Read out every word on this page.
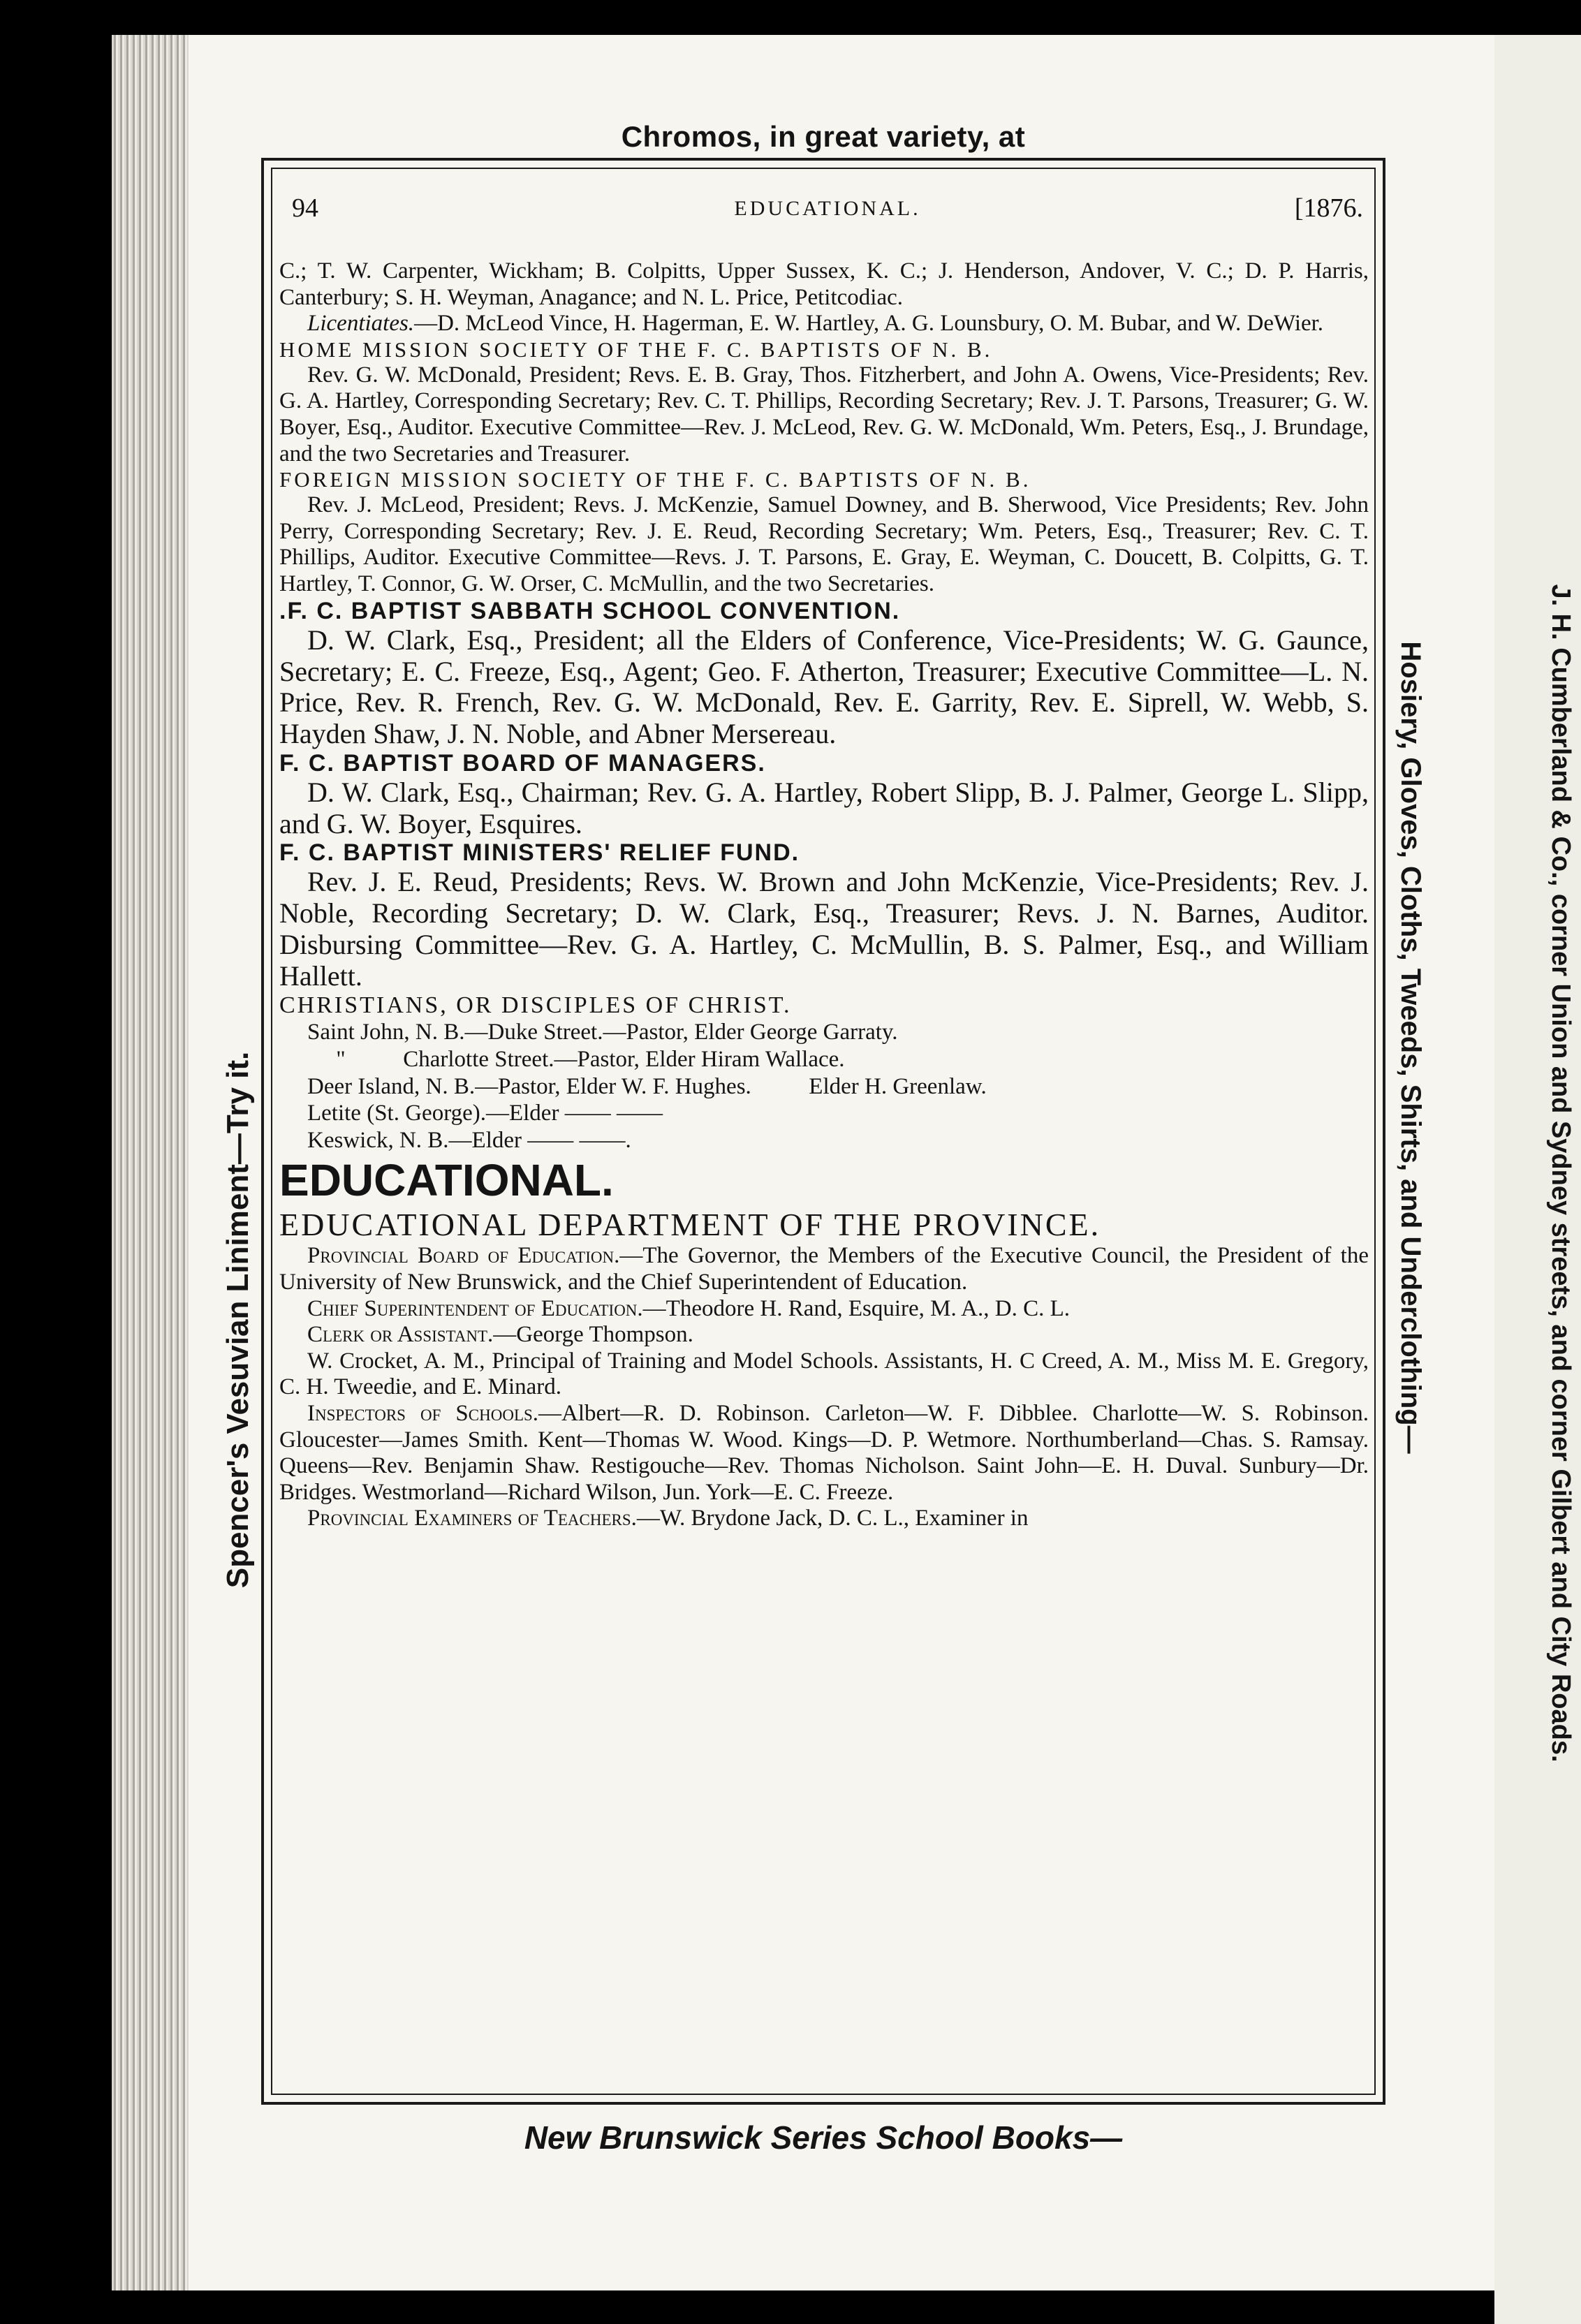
Chromos, in great variety, at
Spencer's Vesuvian Liniment—Try it.	Hosiery, Gloves, Cloths, Tweeds, Shirts, and Underclothing—	J. H. Cumberland & Co., corner Union and Sydney streets, and corner Gilbert and City Roads.
New Brunswick Series School Books—
94	EDUCATIONAL.	[1876.

C.; T. W. Carpenter, Wickham; B. Colpitts, Upper Sussex, K. C.; J. Henderson, Andover, V. C.; D. P. Harris, Canterbury; S. H. Weyman, Anagance; and N. L. Price, Petitcodiac.

Licentiates.—D. McLeod Vince, H. Hagerman, E. W. Hartley, A. G. Lounsbury, O. M. Bubar, and W. DeWier.

HOME MISSION SOCIETY OF THE F. C. BAPTISTS OF N. B.

Rev. G. W. McDonald, President; Revs. E. B. Gray, Thos. Fitzherbert, and John A. Owens, Vice-Presidents; Rev. G. A. Hartley, Corresponding Secretary; Rev. C. T. Phillips, Recording Secretary; Rev. J. T. Parsons, Treasurer; G. W. Boyer, Esq., Auditor. Executive Committee—Rev. J. McLeod, Rev. G. W. McDonald, Wm. Peters, Esq., J. Brundage, and the two Secretaries and Treasurer.

FOREIGN MISSION SOCIETY OF THE F. C. BAPTISTS OF N. B.

Rev. J. McLeod, President; Revs. J. McKenzie, Samuel Downey, and B. Sherwood, Vice Presidents; Rev. John Perry, Corresponding Secretary; Rev. J. E. Reud, Recording Secretary; Wm. Peters, Esq., Treasurer; Rev. C. T. Phillips, Auditor. Executive Committee—Revs. J. T. Parsons, E. Gray, E. Weyman, C. Doucett, B. Colpitts, G. T. Hartley, T. Connor, G. W. Orser, C. McMullin, and the two Secretaries.

.F. C. BAPTIST SABBATH SCHOOL CONVENTION.

D. W. Clark, Esq., President; all the Elders of Conference, Vice-Presidents; W. G. Gaunce, Secretary; E. C. Freeze, Esq., Agent; Geo. F. Atherton, Treasurer; Executive Committee—L. N. Price, Rev. R. French, Rev. G. W. McDonald, Rev. E. Garrity, Rev. E. Siprell, W. Webb, S. Hayden Shaw, J. N. Noble, and Abner Mersereau.

F. C. BAPTIST BOARD OF MANAGERS.

D. W. Clark, Esq., Chairman; Rev. G. A. Hartley, Robert Slipp, B. J. Palmer, George L. Slipp, and G. W. Boyer, Esquires.

F. C. BAPTIST MINISTERS' RELIEF FUND.

Rev. J. E. Reud, Presidents; Revs. W. Brown and John McKenzie, Vice-Presidents; Rev. J. Noble, Recording Secretary; D. W. Clark, Esq., Treasurer; Revs. J. N. Barnes, Auditor. Disbursing Committee—Rev. G. A. Hartley, C. McMullin, B. S. Palmer, Esq., and William Hallett.

CHRISTIANS, OR DISCIPLES OF CHRIST.

Saint John, N. B.—Duke Street.—Pastor, Elder George Garraty.

"          Charlotte Street.—Pastor, Elder Hiram Wallace.

Deer Island, N. B.—Pastor, Elder W. F. Hughes.          Elder H. Greenlaw.

Letite (St. George).—Elder —— ——

Keswick, N. B.—Elder —— ——.

EDUCATIONAL.

EDUCATIONAL DEPARTMENT OF THE PROVINCE.

Provincial Board of Education.—The Governor, the Members of the Executive Council, the President of the University of New Brunswick, and the Chief Superintendent of Education.

Chief Superintendent of Education.—Theodore H. Rand, Esquire, M. A., D. C. L.

Clerk or Assistant.—George Thompson.

W. Crocket, A. M., Principal of Training and Model Schools. Assistants, H. C Creed, A. M., Miss M. E. Gregory, C. H. Tweedie, and E. Minard.

Inspectors of Schools.—Albert—R. D. Robinson. Carleton—W. F. Dibblee. Charlotte—W. S. Robinson. Gloucester—James Smith. Kent—Thomas W. Wood. Kings—D. P. Wetmore. Northumberland—Chas. S. Ramsay. Queens—Rev. Benjamin Shaw. Restigouche—Rev. Thomas Nicholson. Saint John—E. H. Duval. Sunbury—Dr. Bridges. Westmorland—Richard Wilson, Jun. York—E. C. Freeze.

Provincial Examiners of Teachers.—W. Brydone Jack, D. C. L., Examiner in
